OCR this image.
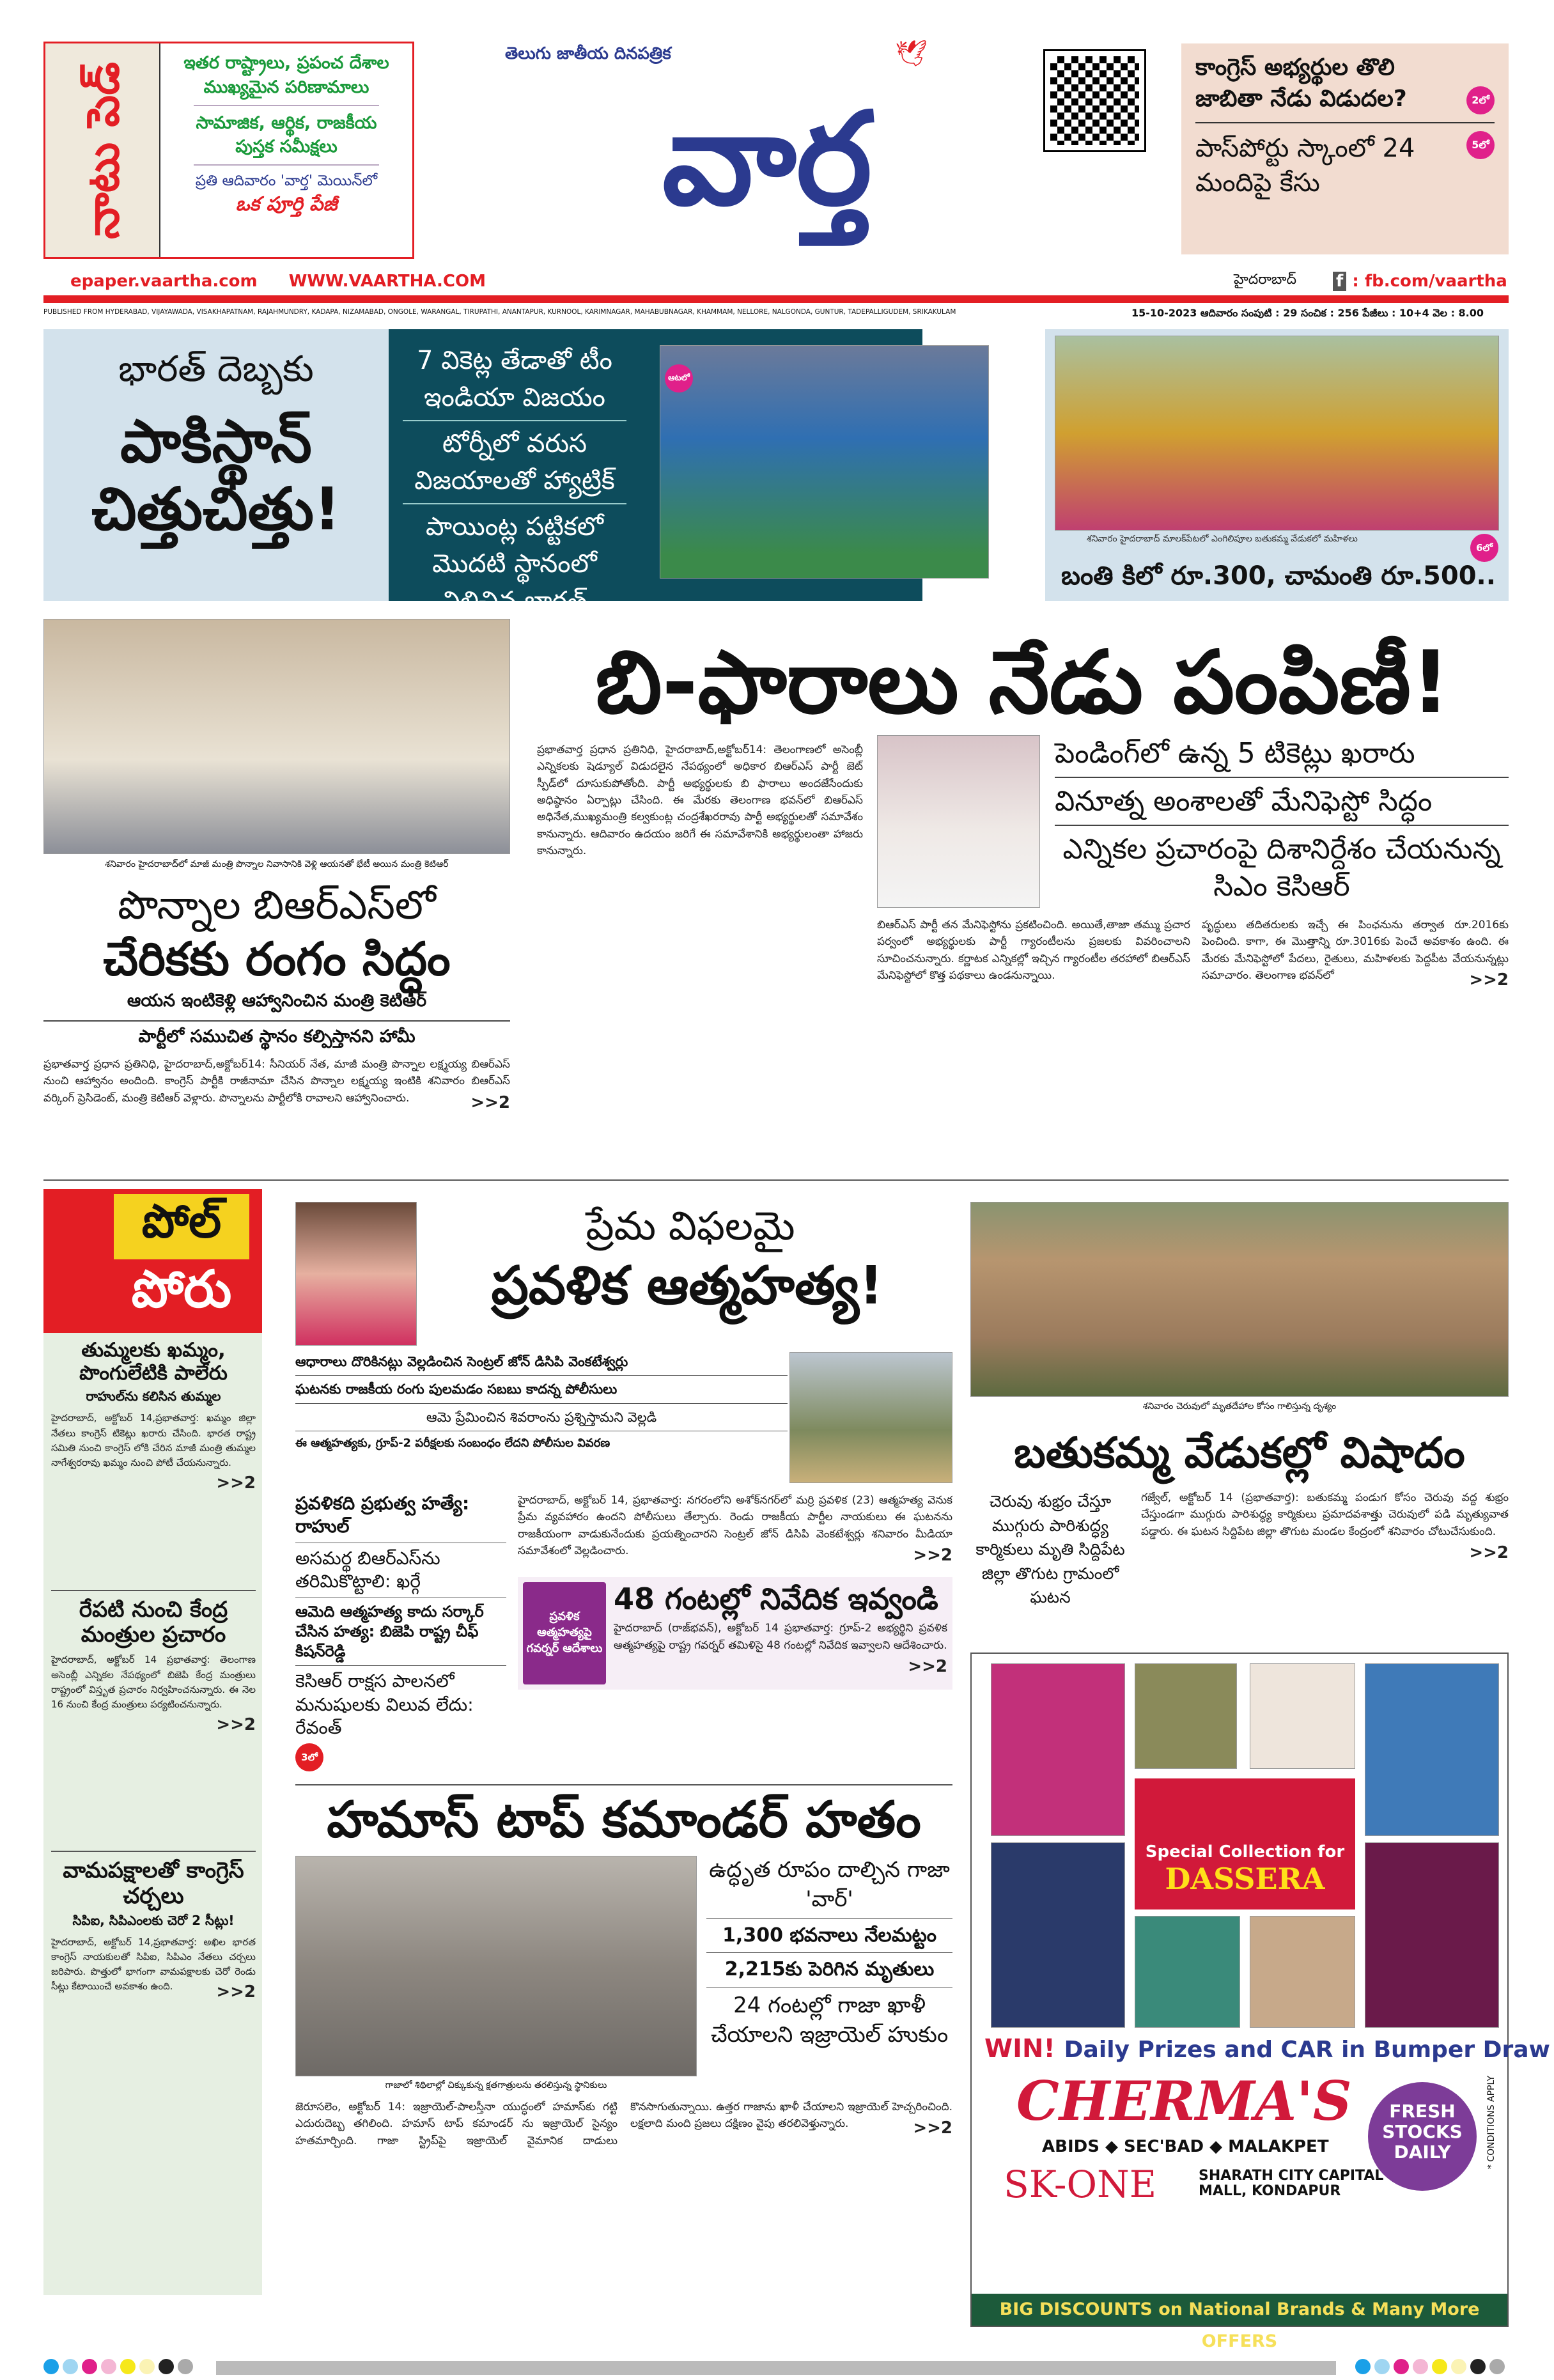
నాటు పెడ్	ఇతర రాష్ట్రాలు, ప్రపంచ దేశాల
ముఖ్యమైన పరిణామాలు
సామాజిక, ఆర్థిక, రాజకీయ
పుస్తక సమీక్షలు
ప్రతి ఆదివారం 'వార్త' మెయిన్‌లో
ఒక పూర్తి పేజీ
తెలుగు జాతీయ దినపత్రిక	🕊
వార్త
కాంగ్రెస్ అభ్యర్థుల తొలి జాబితా నేడు విడుదల?	2లో
పాస్‌పోర్టు స్కాంలో 24 మందిపై కేసు
5లో
epaper.vaartha.com WWW.VAARTHA.COM	హైదరాబాద్ f : fb.com/vaartha
PUBLISHED FROM HYDERABAD, VIJAYAWADA, VISAKHAPATNAM, RAJAHMUNDRY, KADAPA, NIZAMABAD, ONGOLE, WARANGAL, TIRUPATHI, ANANTAPUR, KURNOOL, KARIMNAGAR, MAHABUBNAGAR, KHAMMAM, NELLORE, NALGONDA, GUNTUR, TADEPALLIGUDEM, SRIKAKULAM	15-10-2023 ఆదివారం సంపుటి : 29 సంచిక : 256 పేజీలు : 10+4 వెల : 8.00
భారత్ దెబ్బకు
పాకిస్థాన్ చిత్తుచిత్తు!
7 వికెట్ల తేడాతో టీం ఇండియా విజయం
టోర్నీలో వరుస విజయాలతో హ్యాట్రిక్
పాయింట్ల పట్టికలో మొదటి స్థానంలో నిలిచిన భారత్
ఆటలో
శనివారం హైదరాబాద్ మాలక్‌పేటలో ఎంగిలిపూల బతుకమ్మ వేడుకలో మహిళలు
6లో
బంతి కిలో రూ.300, చామంతి రూ.500..
శనివారం హైదరాబాద్‌లో మాజీ మంత్రి పొన్నాల నివాసానికి వెళ్లి ఆయనతో భేటీ అయిన మంత్రి కెటిఆర్
పొన్నాల బిఆర్ఎస్‌లో
చేరికకు రంగం సిద్ధం
ఆయన ఇంటికెళ్లి ఆహ్వానించిన మంత్రి కెటిఆర్
పార్టీలో సముచిత స్థానం కల్పిస్తానని హామీ
ప్రభాతవార్త ప్రధాన ప్రతినిధి, హైదరాబాద్,అక్టోబర్14: సీనియర్ నేత, మాజీ మంత్రి పొన్నాల లక్ష్మయ్య బిఆర్ఎస్ నుంచి ఆహ్వానం అందింది. కాంగ్రెస్ పార్టీకి రాజీనామా చేసిన పొన్నాల లక్ష్మయ్య ఇంటికి శనివారం బిఆర్ఎస్ వర్కింగ్ ప్రెసిడెంట్, మంత్రి కెటిఆర్ వెళ్లారు. పొన్నాలను పార్టీలోకి రావాలని ఆహ్వానించారు.	>>2
బి-ఫారాలు నేడు పంపిణీ!
ప్రభాతవార్త ప్రధాన ప్రతినిధి, హైదరాబాద్,అక్టోబర్14: తెలంగాణలో అసెంబ్లీ ఎన్నికలకు షెడ్యూల్ విడుదలైన నేపథ్యంలో అధికార బిఆర్ఎస్ పార్టీ జెట్ స్పీడ్‌లో దూసుకుపోతోంది. పార్టీ అభ్యర్థులకు బి ఫారాలు అందజేసేందుకు అధిష్ఠానం ఏర్పాట్లు చేసింది. ఈ మేరకు తెలంగాణ భవన్‌లో బిఆర్ఎస్ అధినేత,ముఖ్యమంత్రి కల్వకుంట్ల చంద్రశేఖరరావు పార్టీ అభ్యర్థులతో సమావేశం కానున్నారు. ఆదివారం ఉదయం జరిగే ఈ సమావేశానికి అభ్యర్థులంతా హాజరు కానున్నారు.
పెండింగ్‌లో ఉన్న 5 టికెట్లు ఖరారు
వినూత్న అంశాలతో మేనిఫెస్టో సిద్ధం
ఎన్నికల ప్రచారంపై దిశానిర్దేశం చేయనున్న సిఎం కెసిఆర్
బిఆర్ఎస్ పార్టీ తన మేనిఫెస్టోను ప్రకటించింది. అయితే,తాజా తమ్ము ప్రచార పర్వంలో అభ్యర్థులకు పార్టీ గ్యారంటీలను ప్రజలకు వివరించాలని సూచించనున్నారు. కర్ణాటక ఎన్నికల్లో ఇచ్చిన గ్యారంటీల తరహాలో బిఆర్ఎస్ మేనిఫెస్టోలో కొత్త పథకాలు ఉండనున్నాయి.
పృద్ధులు తదితరులకు ఇచ్చే ఈ పింఛనును తర్వాత రూ.2016కు పెంచింది. కాగా, ఈ మొత్తాన్ని రూ.3016కు పెంచే అవకాశం ఉంది. ఈ మేరకు మేనిఫెస్టోలో పేదలు, రైతులు, మహిళలకు పెద్దపీట వేయనున్నట్లు సమాచారం. తెలంగాణ భవన్‌లో	>>2
పోల్
పోరు
తుమ్మలకు ఖమ్మం, పొంగులేటికి పాలేరు
రాహుల్‌ను కలిసిన తుమ్మల
హైదరాబాద్, అక్టోబర్ 14,ప్రభాతవార్త: ఖమ్మం జిల్లా నేతలు కాంగ్రెస్ టికెట్లు ఖరారు చేసింది. భారత రాష్ట్ర సమితి నుంచి కాంగ్రెస్ లోకి చేరిన మాజీ మంత్రి తుమ్మల నాగేశ్వరరావు ఖమ్మం నుంచి పోటీ చేయనున్నారు.
>>2
రేపటి నుంచి కేంద్ర మంత్రుల ప్రచారం
హైదరాబాద్, అక్టోబర్ 14 ప్రభాతవార్త: తెలంగాణ అసెంబ్లీ ఎన్నికల నేపథ్యంలో బిజెపి కేంద్ర మంత్రులు రాష్ట్రంలో విస్తృత ప్రచారం నిర్వహించనున్నారు. ఈ నెల 16 నుంచి కేంద్ర మంత్రులు పర్యటించనున్నారు.
>>2
వామపక్షాలతో కాంగ్రెస్ చర్చలు
సిపిఐ, సిపిఎంలకు చెరో 2 సీట్లు!
హైదరాబాద్, అక్టోబర్ 14,ప్రభాతవార్త: అఖిల భారత కాంగ్రెస్ నాయకులతో సిపిఐ, సిపిఎం నేతలు చర్చలు జరిపారు. పొత్తులో భాగంగా వామపక్షాలకు చెరో రెండు సీట్లు కేటాయించే అవకాశం ఉంది.	>>2
ప్రేమ విఫలమై
ప్రవళిక ఆత్మహత్య!
ఆధారాలు దొరికినట్లు వెల్లడించిన సెంట్రల్ జోన్ డిసిపి వెంకటేశ్వర్లు
ఘటనకు రాజకీయ రంగు పులమడం సబబు కాదన్న పోలీసులు
ఆమె ప్రేమించిన శివరాంను ప్రశ్నిస్తామని వెల్లడి
ఈ ఆత్మహత్యకు, గ్రూప్-2 పరీక్షలకు సంబంధం లేదని పోలీసుల వివరణ
ప్రవళికది ప్రభుత్వ హత్యే: రాహుల్
అసమర్థ బిఆర్ఎస్‌ను తరిమికొట్టాలి: ఖర్గే
ఆమెది ఆత్మహత్య కాదు సర్కార్ చేసిన హత్య: బిజెపి రాష్ట్ర చీఫ్ కిషన్‌రెడ్డి
కెసిఆర్ రాక్షస పాలనలో మనుషులకు విలువ లేదు: రేవంత్
3లో
హైదరాబాద్, అక్టోబర్ 14, ప్రభాతవార్త: నగరంలోని అశోక్‌నగర్‌లో మర్రి ప్రవళిక (23) ఆత్మహత్య వెనుక ప్రేమ వ్యవహారం ఉందని పోలీసులు తేల్చారు. రెండు రాజకీయ పార్టీల నాయకులు ఈ ఘటనను రాజకీయంగా వాడుకునేందుకు ప్రయత్నించారని సెంట్రల్ జోన్ డిసిపి వెంకటేశ్వర్లు శనివారం మీడియా సమావేశంలో వెల్లడించారు.	>>2
ప్రవళిక ఆత్మహత్యపై గవర్నర్ ఆదేశాలు
48 గంటల్లో నివేదిక ఇవ్వండి
హైదరాబాద్ (రాజ్‌భవన్), అక్టోబర్ 14 ప్రభాతవార్త: గ్రూప్-2 అభ్యర్థిని ప్రవళిక ఆత్మహత్యపై రాష్ట్ర గవర్నర్ తమిళిసై 48 గంటల్లో నివేదిక ఇవ్వాలని ఆదేశించారు.
>>2
హమాస్ టాప్ కమాండర్ హతం
గాజాలో శిథిలాల్లో చిక్కుకున్న క్షతగాత్రులను తరలిస్తున్న స్థానికులు
ఉద్ధృత రూపం దాల్చిన గాజా 'వార్'
1,300 భవనాలు నేలమట్టం
2,215కు పెరిగిన మృతులు
24 గంటల్లో గాజా ఖాళీ చేయాలని ఇజ్రాయెల్ హుకుం
జెరూసలెం, అక్టోబర్ 14: ఇజ్రాయెల్-పాలస్తీనా యుద్ధంలో హమాస్‌కు గట్టి ఎదురుదెబ్బ తగిలింది. హమాస్ టాప్ కమాండర్ ను ఇజ్రాయెల్ సైన్యం హతమార్చింది. గాజా స్ట్రిప్‌పై ఇజ్రాయెల్ వైమానిక దాడులు కొనసాగుతున్నాయి. ఉత్తర గాజాను ఖాళీ చేయాలని ఇజ్రాయెల్ హెచ్చరించింది. లక్షలాది మంది ప్రజలు దక్షిణం వైపు తరలివెళ్తున్నారు.	>>2
శనివారం చెరువులో మృతదేహాల కోసం గాలిస్తున్న దృశ్యం
బతుకమ్మ వేడుకల్లో విషాదం
చెరువు శుభ్రం చేస్తూ ముగ్గురు పారిశుద్ధ్య కార్మికులు మృతి సిద్దిపేట జిల్లా తొగుట గ్రామంలో ఘటన
గజ్వేల్, అక్టోబర్ 14 (ప్రభాతవార్త): బతుకమ్మ పండుగ కోసం చెరువు వద్ద శుభ్రం చేస్తుండగా ముగ్గురు పారిశుద్ధ్య కార్మికులు ప్రమాదవశాత్తు చెరువులో పడి మృత్యువాత పడ్డారు. ఈ ఘటన సిద్దిపేట జిల్లా తొగుట మండల కేంద్రంలో శనివారం చోటుచేసుకుంది.
>>2
Special Collection for
DASSERA
WIN! Daily Prizes and CAR in Bumper Draw
CHERMA'S
ABIDS ◆ SEC'BAD ◆ MALAKPET
SK-ONE	SHARATH CITY CAPITAL
MALL, KONDAPUR
FRESH
STOCKS
DAILY	* CONDITIONS APPLY
BIG DISCOUNTS on National Brands & Many More OFFERS
